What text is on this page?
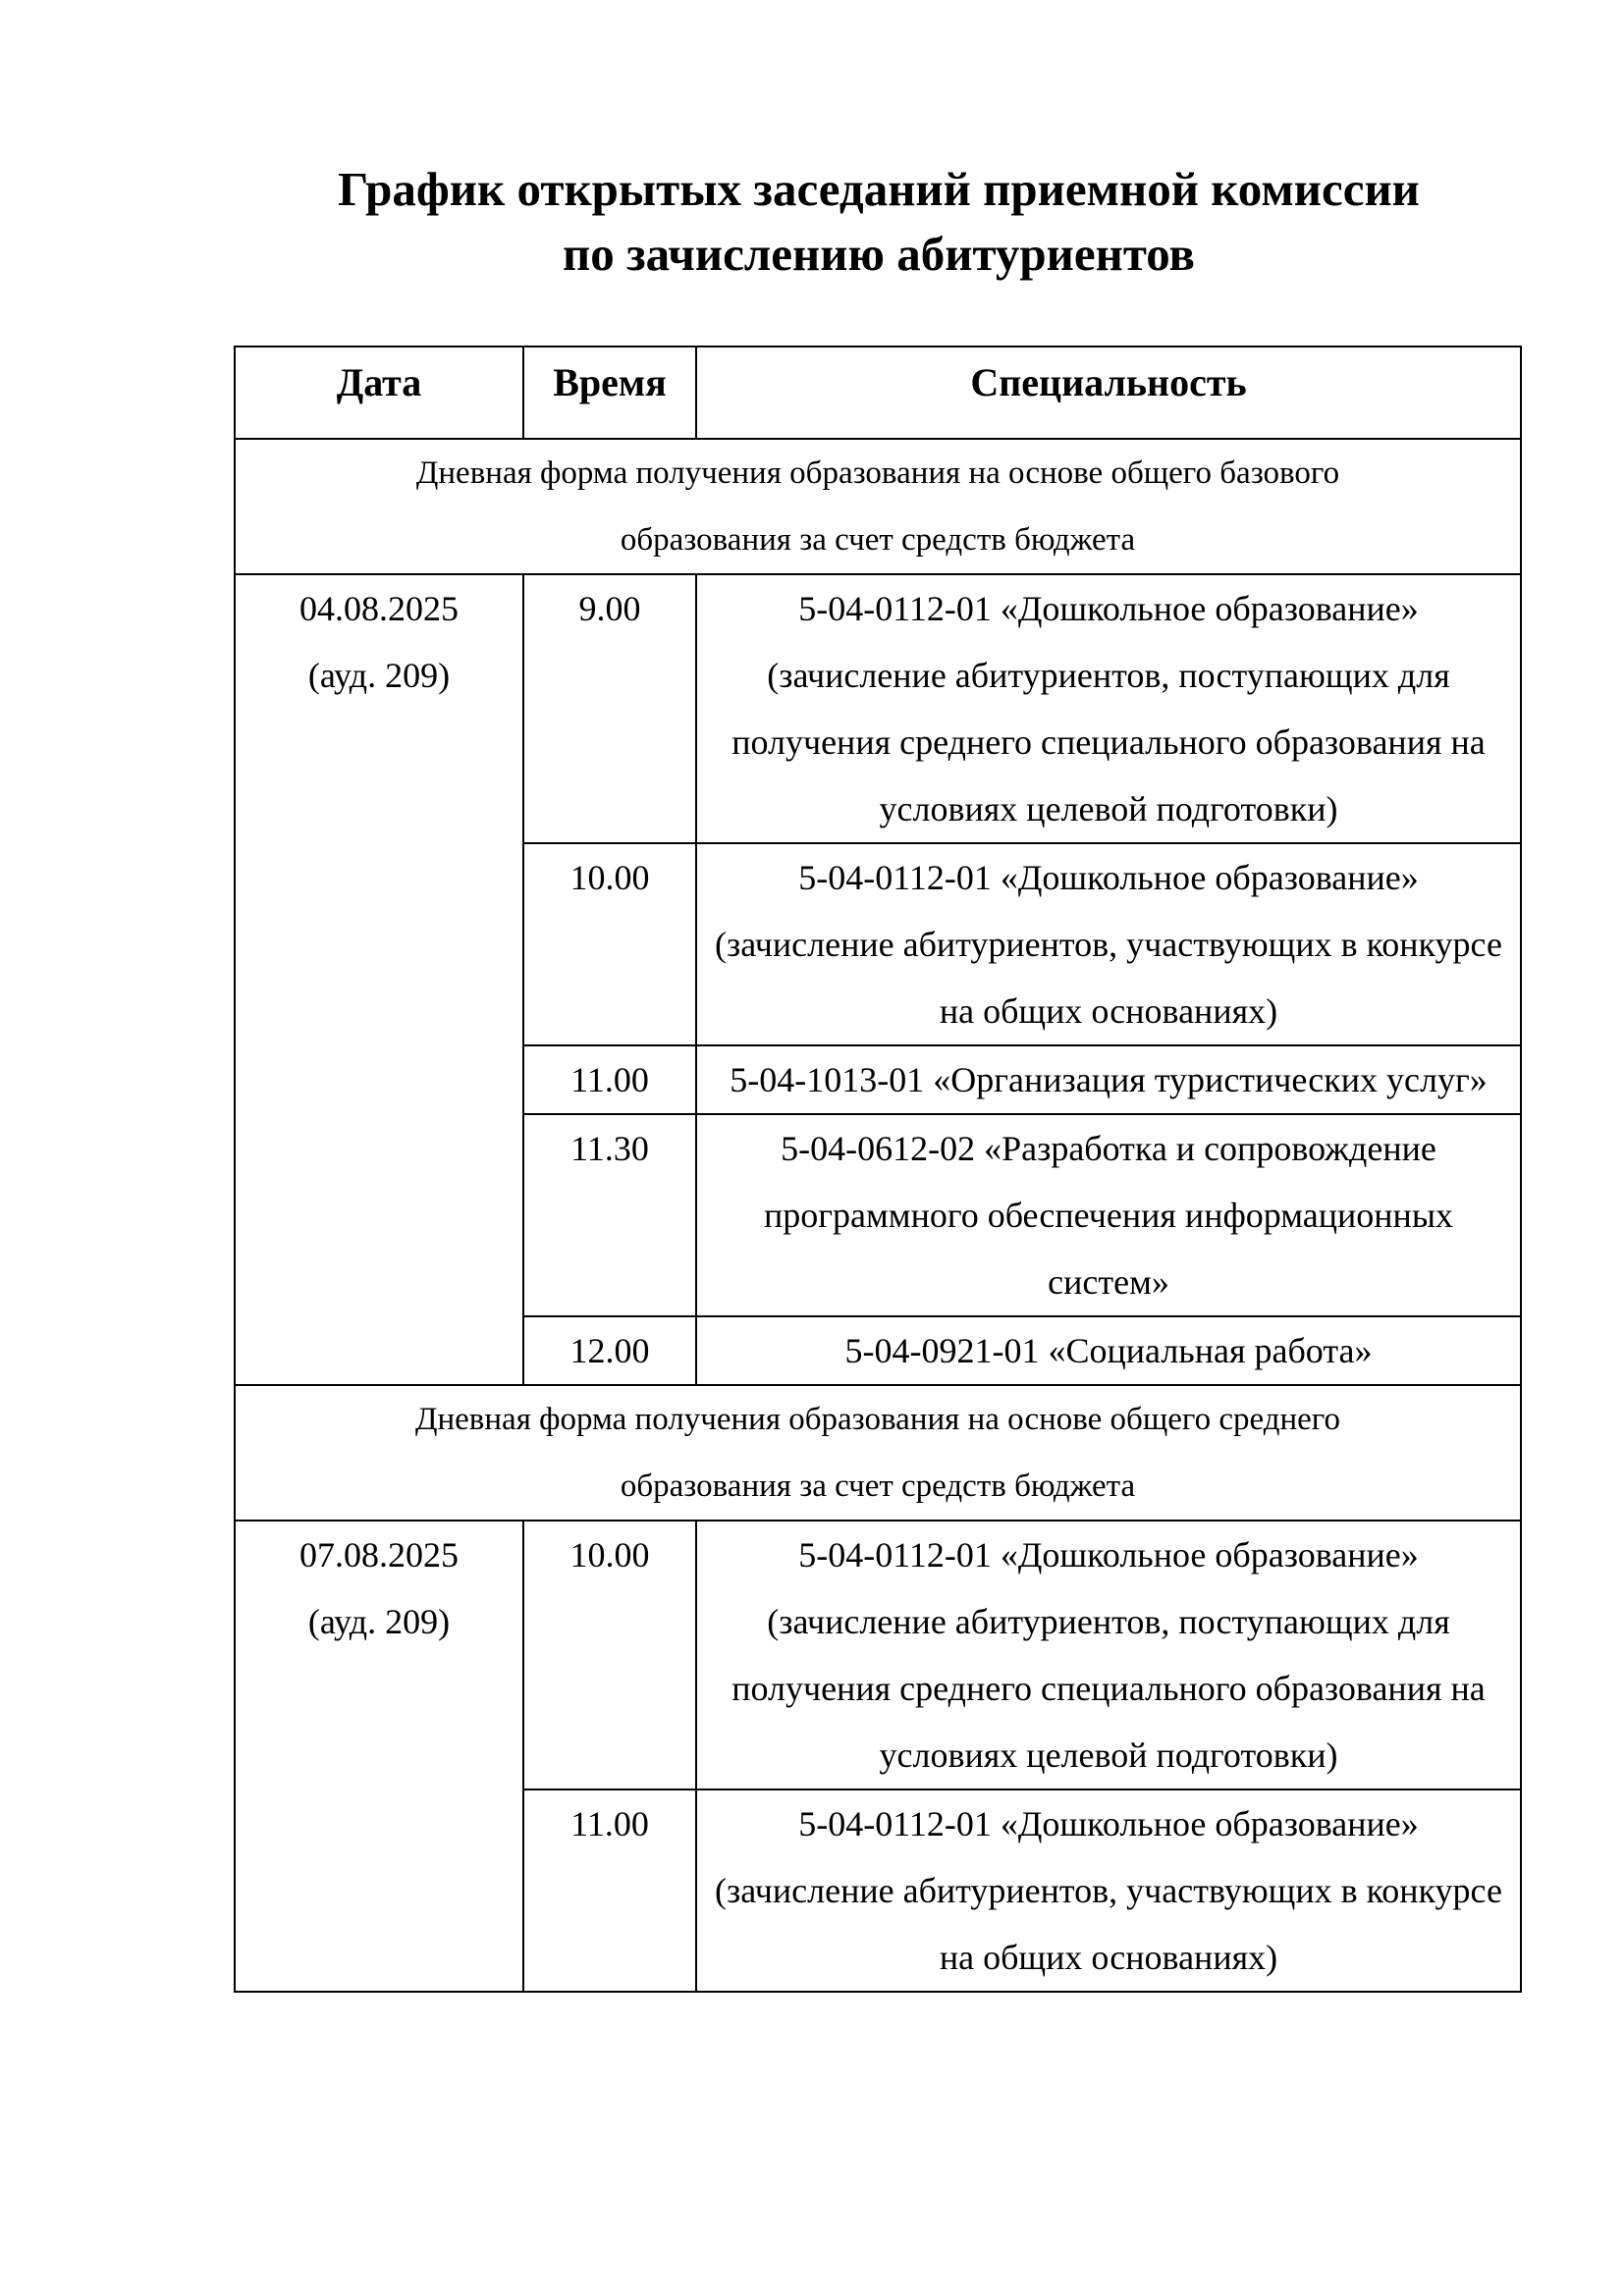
График открытых заседаний приемной комиссии
по зачислению абитуриентов
Дата	Время	Специальность

Дневная форма получения образования на основе общего базового
образования за счет средств бюджета		

04.08.2025
(ауд. 209)	9.00	5-04-0112-01 «Дошкольное образование» (зачисление абитуриентов, поступающих для получения среднего специального образования на условиях целевой подготовки)
	10.00	5-04-0112-01 «Дошкольное образование» (зачисление абитуриентов, участвующих в конкурсе на общих основаниях)
	11.00	5-04-1013-01 «Организация туристических услуг»
	11.30	5-04-0612-02 «Разработка и сопровождение программного обеспечения информационных систем»
	12.00	5-04-0921-01 «Социальная работа»

Дневная форма получения образования на основе общего среднего
образования за счет средств бюджета		

07.08.2025
(ауд. 209)	10.00	5-04-0112-01 «Дошкольное образование» (зачисление абитуриентов, поступающих для получения среднего специального образования на условиях целевой подготовки)
	11.00	5-04-0112-01 «Дошкольное образование» (зачисление абитуриентов, участвующих в конкурсе на общих основаниях)
